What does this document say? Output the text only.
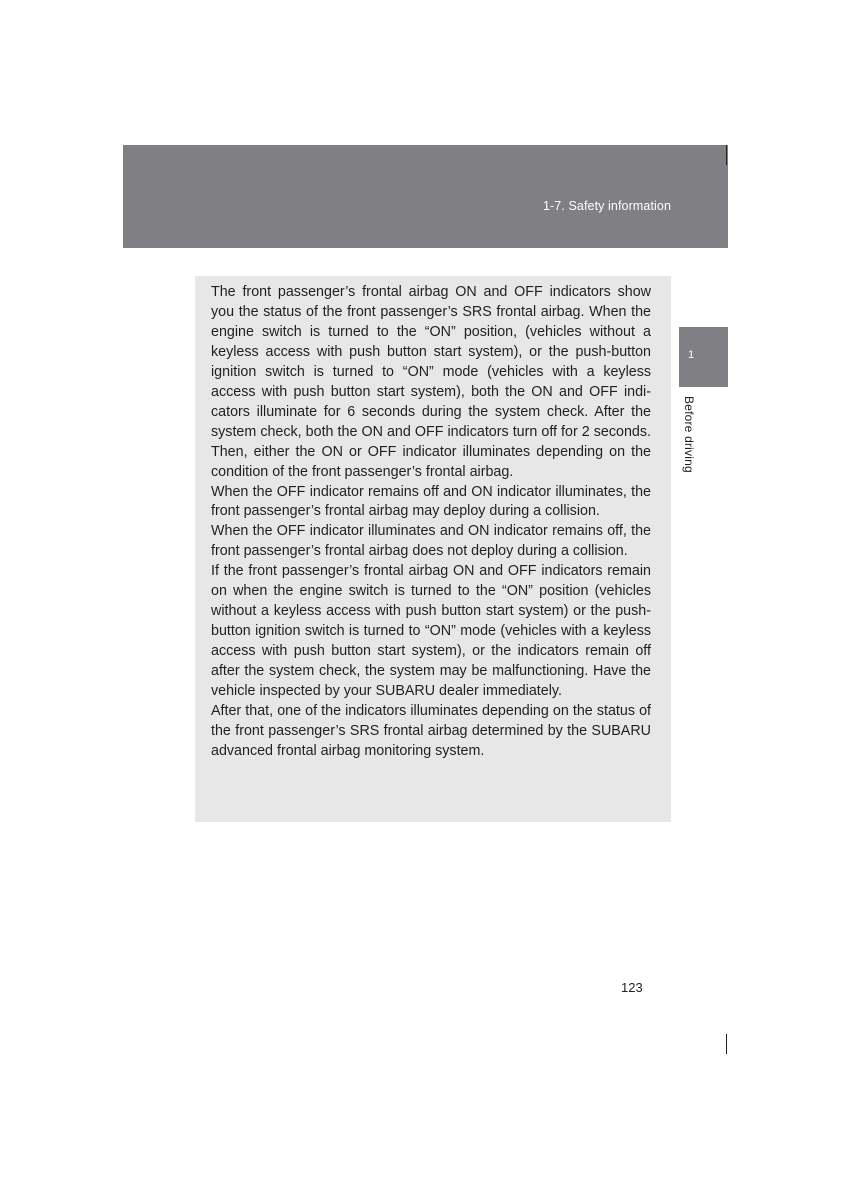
1-7. Safety information
1
Before driving

The front passenger’s frontal airbag ON and OFF indicators show you the status of the front passenger’s SRS frontal airbag. When the engine switch is turned to the “ON” position, (vehicles without a keyless access with push button start system), or the push-button ignition switch is turned to “ON” mode (vehicles with a keyless access with push button start system), both the ON and OFF indicators illuminate for 6 seconds during the system check. After the system check, both the ON and OFF indicators turn off for 2 seconds. Then, either the ON or OFF indicator illuminates depending on the condition of the front passenger’s frontal airbag.

When the OFF indicator remains off and ON indicator illuminates, the front passenger’s frontal airbag may deploy during a collision.

When the OFF indicator illuminates and ON indicator remains off, the front passenger’s frontal airbag does not deploy during a collision.

If the front passenger’s frontal airbag ON and OFF indicators remain on when the engine switch is turned to the “ON” position (vehicles without a keyless access with push button start system) or the push-button ignition switch is turned to “ON” mode (vehicles with a keyless access with push button start system), or the indicators remain off after the system check, the system may be malfunctioning. Have the vehicle inspected by your SUBARU dealer immediately.

After that, one of the indicators illuminates depending on the status of the front passenger’s SRS frontal airbag determined by the SUBARU advanced frontal airbag monitoring system.

123
